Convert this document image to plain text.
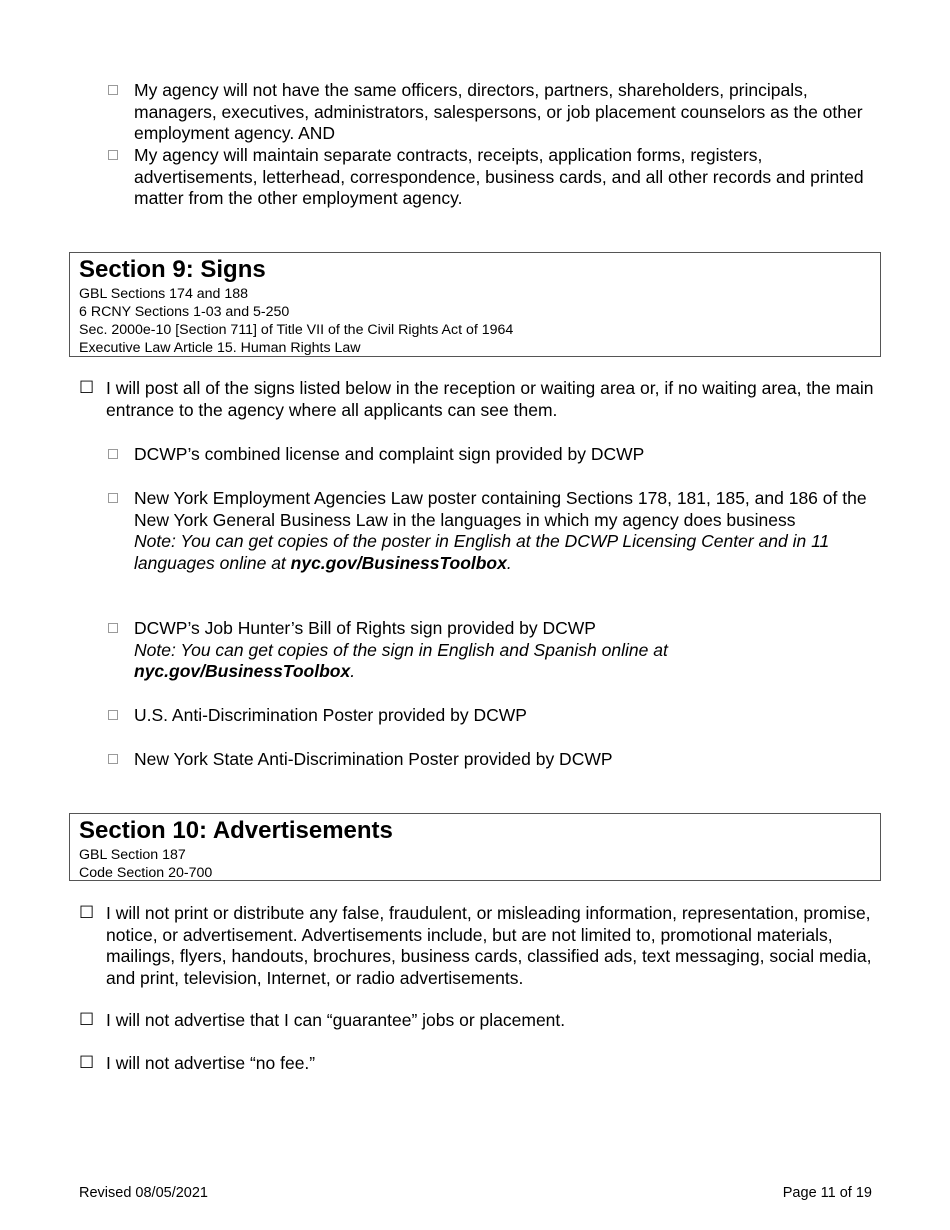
My agency will not have the same officers, directors, partners, shareholders, principals, managers, executives, administrators, salespersons, or job placement counselors as the other employment agency. AND
My agency will maintain separate contracts, receipts, application forms, registers, advertisements, letterhead, correspondence, business cards, and all other records and printed matter from the other employment agency.
Section 9: Signs
GBL Sections 174 and 188
6 RCNY Sections 1-03 and 5-250
Sec. 2000e-10 [Section 711] of Title VII of the Civil Rights Act of 1964
Executive Law Article 15. Human Rights Law
☐ I will post all of the signs listed below in the reception or waiting area or, if no waiting area, the main entrance to the agency where all applicants can see them.
DCWP’s combined license and complaint sign provided by DCWP
New York Employment Agencies Law poster containing Sections 178, 181, 185, and 186 of the New York General Business Law in the languages in which my agency does business
Note: You can get copies of the poster in English at the DCWP Licensing Center and in 11 languages online at nyc.gov/BusinessToolbox.
DCWP’s Job Hunter’s Bill of Rights sign provided by DCWP
Note: You can get copies of the sign in English and Spanish online at nyc.gov/BusinessToolbox.
U.S. Anti-Discrimination Poster provided by DCWP
New York State Anti-Discrimination Poster provided by DCWP
Section 10: Advertisements
GBL Section 187
Code Section 20-700
☐ I will not print or distribute any false, fraudulent, or misleading information, representation, promise, notice, or advertisement. Advertisements include, but are not limited to, promotional materials, mailings, flyers, handouts, brochures, business cards, classified ads, text messaging, social media, and print, television, Internet, or radio advertisements.
☐ I will not advertise that I can “guarantee” jobs or placement.
☐ I will not advertise “no fee.”
Revised 08/05/2021	Page 11 of 19
